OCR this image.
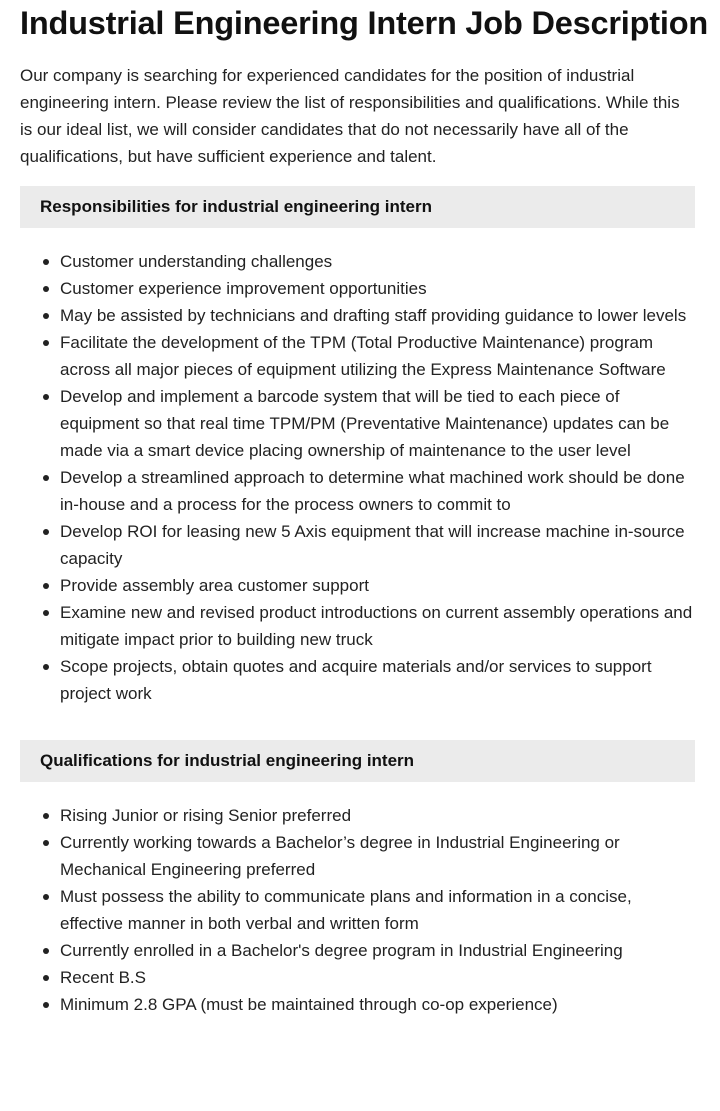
Industrial Engineering Intern Job Description

Our company is searching for experienced candidates for the position of industrial engineering intern. Please review the list of responsibilities and qualifications. While this is our ideal list, we will consider candidates that do not necessarily have all of the qualifications, but have sufficient experience and talent.

Responsibilities for industrial engineering intern
Customer understanding challenges
Customer experience improvement opportunities
May be assisted by technicians and drafting staff providing guidance to lower levels
Facilitate the development of the TPM (Total Productive Maintenance) program across all major pieces of equipment utilizing the Express Maintenance Software
Develop and implement a barcode system that will be tied to each piece of equipment so that real time TPM/PM (Preventative Maintenance) updates can be made via a smart device placing ownership of maintenance to the user level
Develop a streamlined approach to determine what machined work should be done in-house and a process for the process owners to commit to
Develop ROI for leasing new 5 Axis equipment that will increase machine in-source capacity
Provide assembly area customer support
Examine new and revised product introductions on current assembly operations and mitigate impact prior to building new truck
Scope projects, obtain quotes and acquire materials and/or services to support project work
Qualifications for industrial engineering intern
Rising Junior or rising Senior preferred
Currently working towards a Bachelor’s degree in Industrial Engineering or Mechanical Engineering preferred
Must possess the ability to communicate plans and information in a concise, effective manner in both verbal and written form
Currently enrolled in a Bachelor's degree program in Industrial Engineering
Recent B.S
Minimum 2.8 GPA (must be maintained through co-op experience)
